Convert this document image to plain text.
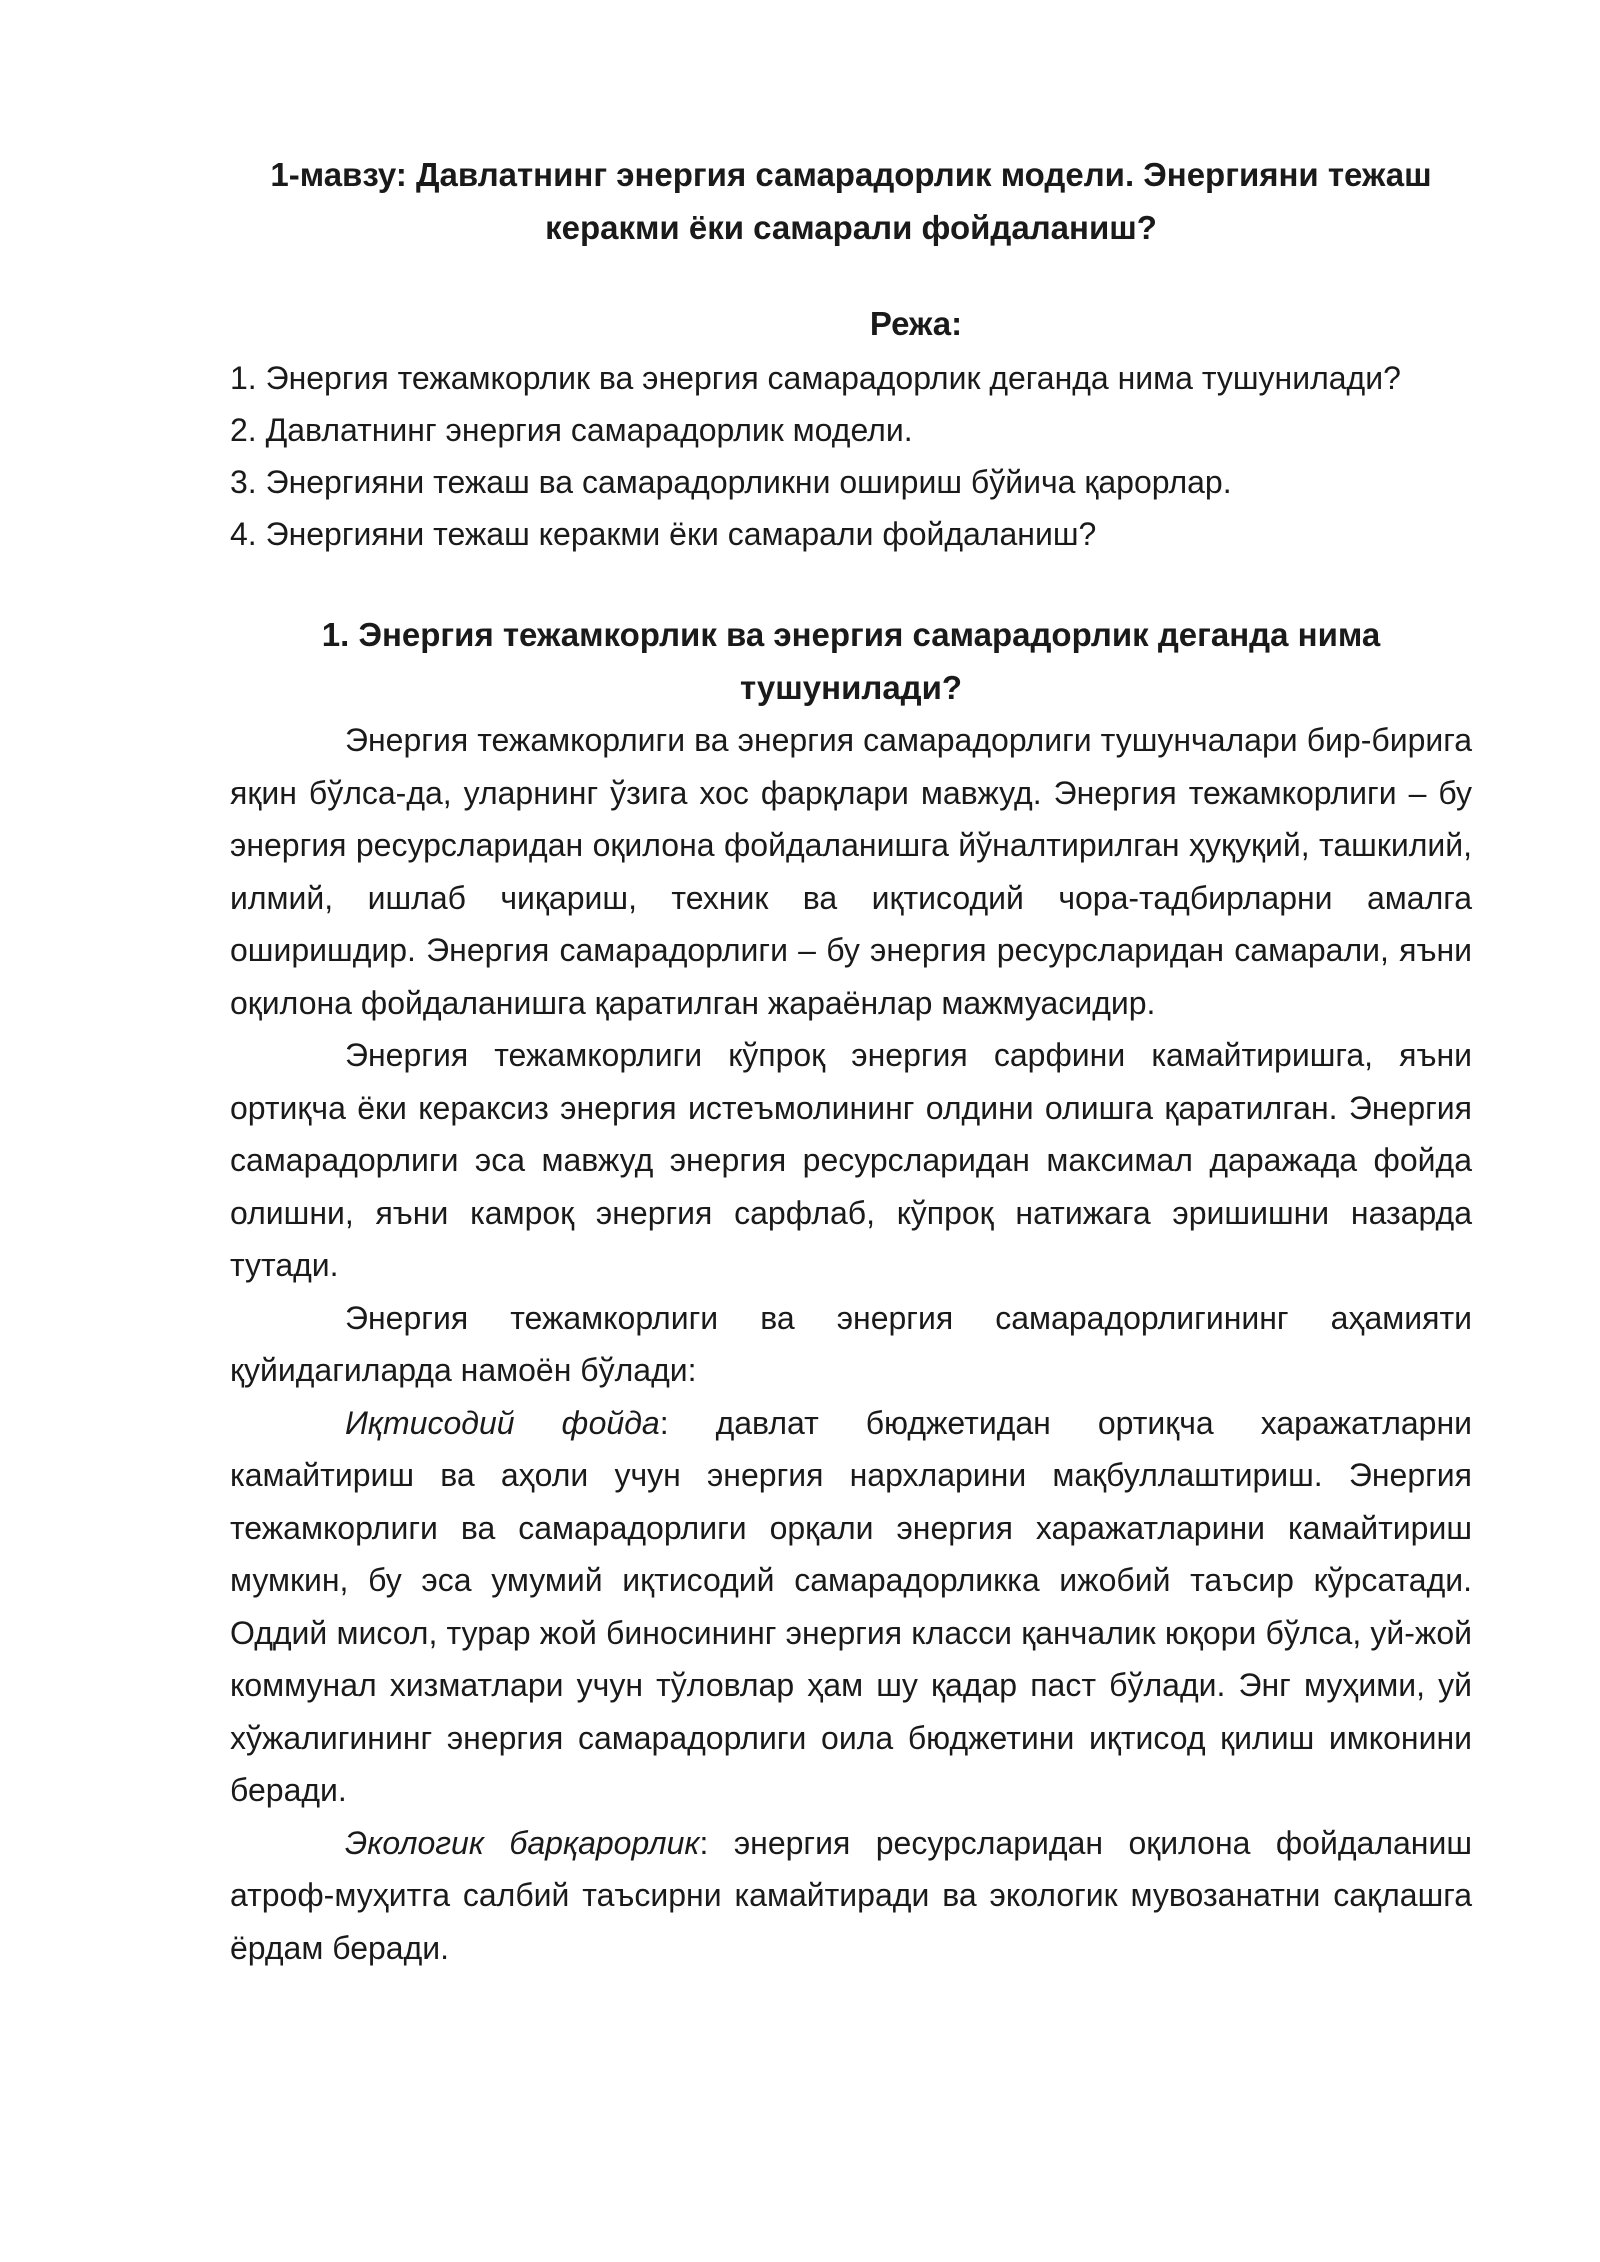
1-мавзу: Давлатнинг энергия самарадорлик модели. Энергияни тежаш
керакми ёки самарали фойдаланиш?
Режа:
1. Энергия тежамкорлик ва энергия самарадорлик деганда нима тушунилади?
2. Давлатнинг энергия самарадорлик модели.
3. Энергияни тежаш ва самарадорликни ошириш бўйича қарорлар.
4. Энергияни тежаш керакми ёки самарали фойдаланиш?
1. Энергия тежамкорлик ва энергия самарадорлик деганда нима
тушунилади?

Энергия тежамкорлиги ва энергия самарадорлиги тушунчалари бир-бирига яқин бўлса-да, уларнинг ўзига хос фарқлари мавжуд. Энергия тежамкорлиги – бу энергия ресурсларидан оқилона фойдаланишга йўналтирилган ҳуқуқий, ташкилий, илмий, ишлаб чиқариш, техник ва иқтисодий чора-тадбирларни амалга оширишдир. Энергия самарадорлиги – бу энергия ресурсларидан самарали, яъни оқилона фойдаланишга қаратилган жараёнлар мажмуасидир.

Энергия тежамкорлиги кўпроқ энергия сарфини камайтиришга, яъни ортиқча ёки кераксиз энергия истеъмолининг олдини олишга қаратилган. Энергия самарадорлиги эса мавжуд энергия ресурсларидан максимал даражада фойда олишни, яъни камроқ энергия сарфлаб, кўпроқ натижага эришишни назарда тутади.

Энергия тежамкорлиги ва энергия самарадорлигининг аҳамияти қуйидагиларда намоён бўлади:

Иқтисодий фойда: давлат бюджетидан ортиқча харажатларни камайтириш ва аҳоли учун энергия нархларини мақбуллаштириш. Энергия тежамкорлиги ва самарадорлиги орқали энергия харажатларини камайтириш мумкин, бу эса умумий иқтисодий самарадорликка ижобий таъсир кўрсатади. Оддий мисол, турар жой биносининг энергия класси қанчалик юқори бўлса, уй-жой коммунал хизматлари учун тўловлар ҳам шу қадар паст бўлади. Энг муҳими, уй хўжалигининг энергия самарадорлиги оила бюджетини иқтисод қилиш имконини беради.

Экологик барқарорлик: энергия ресурсларидан оқилона фойдаланиш атроф-муҳитга салбий таъсирни камайтиради ва экологик мувозанатни сақлашга ёрдам беради.
